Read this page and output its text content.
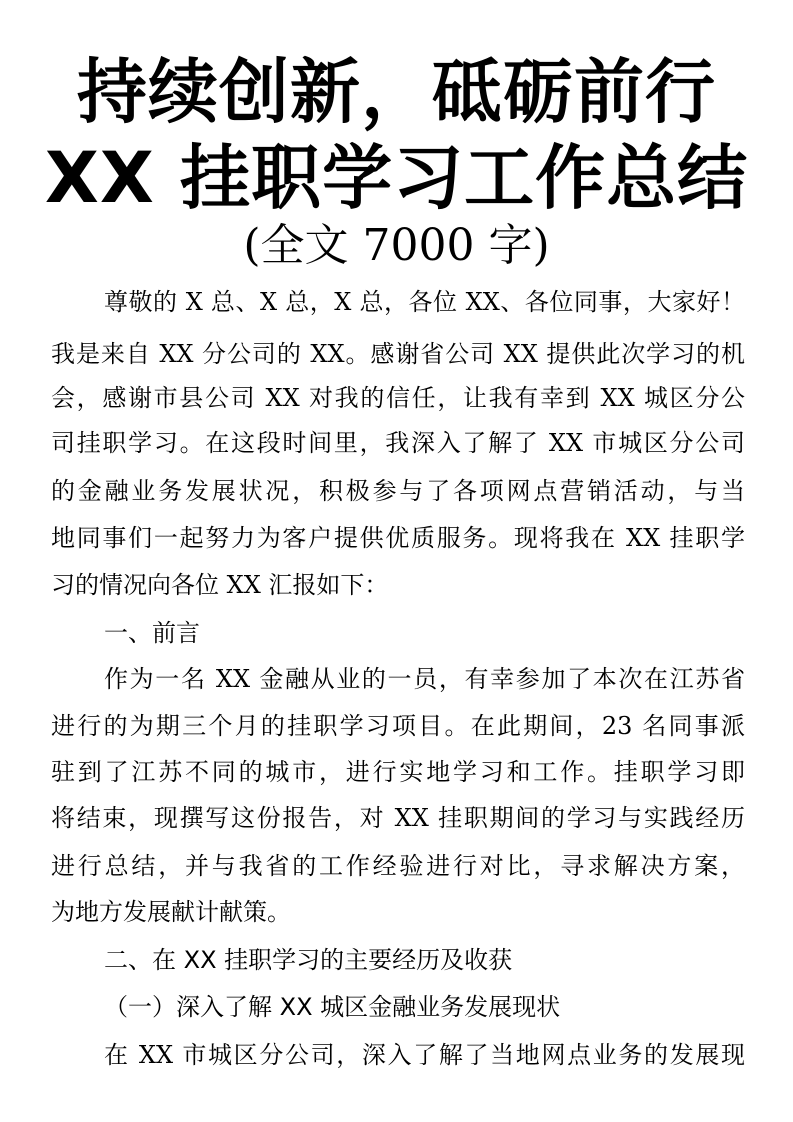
持续创新，砥砺前行
XX 挂职学习工作总结
(全文 7000 字)
尊敬的 X 总、X 总，X 总，各位 XX、各位同事，大家好！
我是来自 XX 分公司的 XX。感谢省公司 XX 提供此次学习的机
会，感谢市县公司 XX 对我的信任，让我有幸到 XX 城区分公
司挂职学习。在这段时间里，我深入了解了 XX 市城区分公司
的金融业务发展状况，积极参与了各项网点营销活动，与当
地同事们一起努力为客户提供优质服务。现将我在 XX 挂职学
习的情况向各位 XX 汇报如下：
一、前言
作为一名 XX 金融从业的一员，有幸参加了本次在江苏省
进行的为期三个月的挂职学习项目。在此期间，23 名同事派
驻到了江苏不同的城市，进行实地学习和工作。挂职学习即
将结束，现撰写这份报告，对 XX 挂职期间的学习与实践经历
进行总结，并与我省的工作经验进行对比，寻求解决方案，
为地方发展献计献策。
二、在 XX 挂职学习的主要经历及收获
（一）深入了解 XX 城区金融业务发展现状
在 XX 市城区分公司，深入了解了当地网点业务的发展现
